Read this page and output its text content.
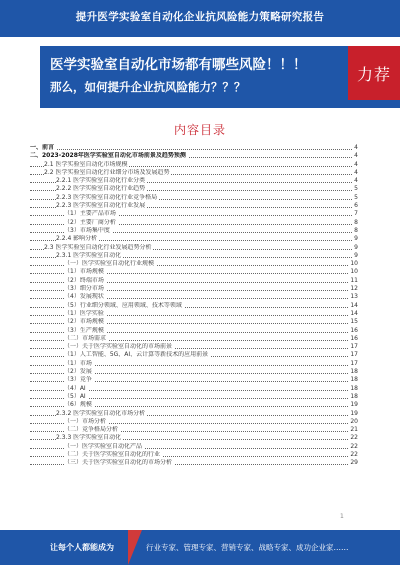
提升医学实验室自动化企业抗风险能力策略研究报告
医学实验室自动化市场都有哪些风险！！！
那么，如何提升企业抗风险能力？？？
力荐
内容目录
一、前言	4
二、2023-2028年医学实验室自动化市场前景及趋势预测	4
2.1 医学实验室自动化市场规模	4
2.2 医学实验室自动化行业细分市场及发展趋势	4
2.2.1 医学实验室自动化行业分类	4
2.2.2 医学实验室自动化行业趋势	5
2.2.3 医学实验室自动化行业竞争格局	5
2.2.3 医学实验室自动化行业发展	6
（1）主要产品市场	7
（2）主要厂商分析	8
（3）市场集中度	8
2.2.4 影响分析	9
2.3 医学实验室自动化行业发展趋势分析	9
2.3.1 医学实验室自动化	9
（一）医学实验室自动化行业规模	10
（1）市场规模	10
（2）终端市场	11
（3）细分市场	12
（4）发展现状	13
（5）行业细分领域、应用领域、技术等领域	14
（1）医学实验	14
（2）市场规模	15
（3）生产规模	16
（二）市场需求	16
（一）关于医学实验室自动化的市场前景	17
（1）人工智能、5G、AI、云计算等新技术的应用前景	17
（1）市场	17
（2）发展	18
（3）竞争	18
（4）AI	18
（5）AI	18
（6）规模	19
2.3.2 医学实验室自动化市场分析	19
（一）市场分析	20
（二）竞争格局分析	21
2.3.3 医学实验室自动化	22
（一）医学实验室自动化产品	22
（二）关于医学实验室自动化的行业	22
（三）关于医学实验室自动化的市场分析	29
1
让每个人都能成为	行业专家、管理专家、营销专家、战略专家、成功企业家……
